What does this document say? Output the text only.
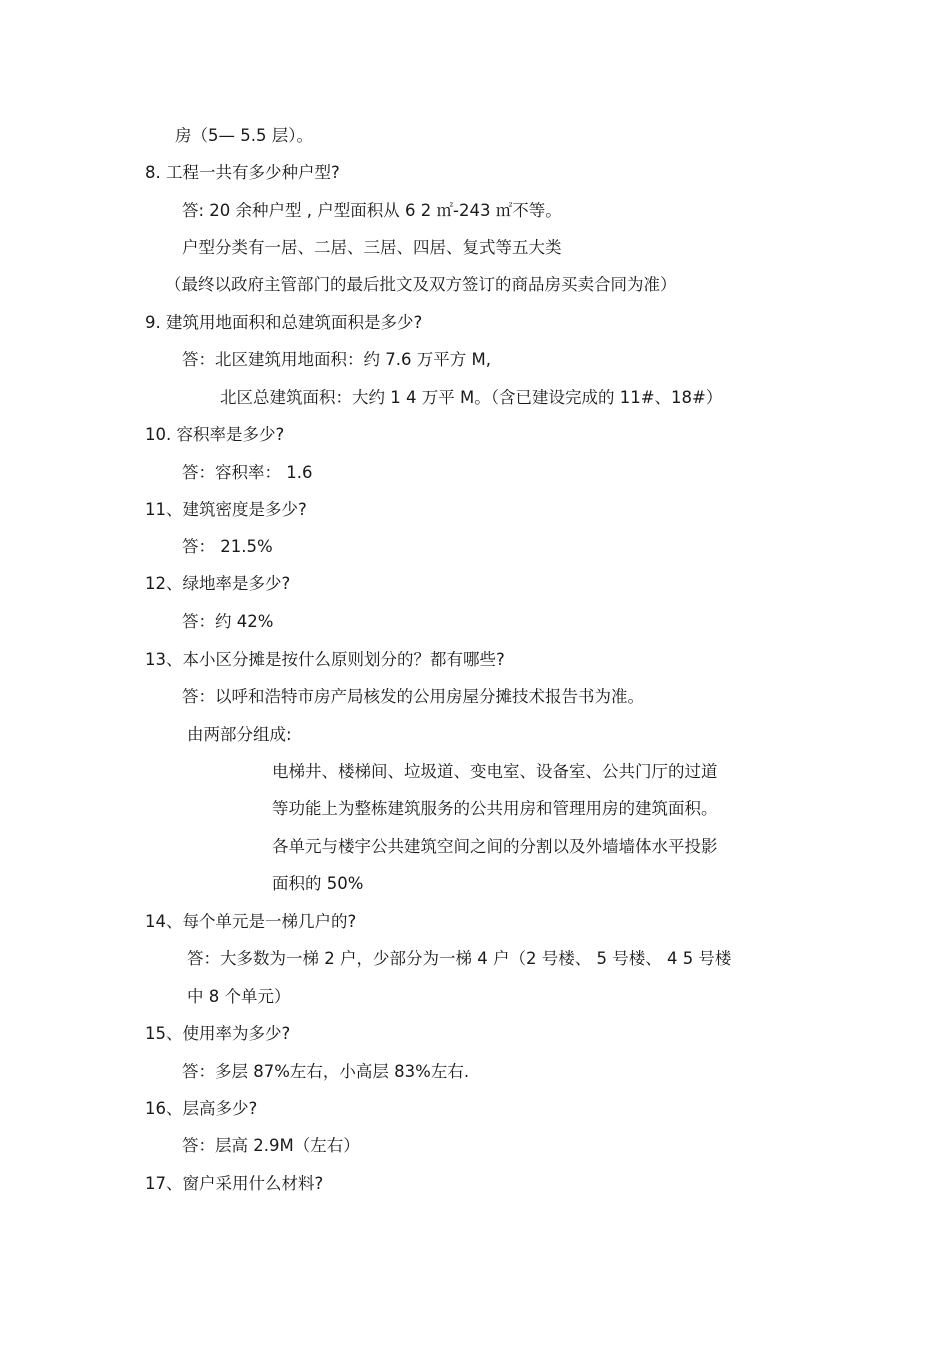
房（5— 5.5 层）。
8. 工程一共有多少种户型?
答: 20 余种户型 , 户型面积从 6 2 ㎡-243 ㎡不等。
户型分类有一居、二居、三居、四居、复式等五大类
（最终以政府主管部门的最后批文及双方签订的商品房买卖合同为准）
9. 建筑用地面积和总建筑面积是多少?
答：北区建筑用地面积：约 7.6 万平方 M,
北区总建筑面积：大约 1 4 万平 M。（含已建设完成的 11#、18#）
10. 容积率是多少?
答：容积率： 1.6
11、建筑密度是多少?
答： 21.5%
12、绿地率是多少?
答：约 42%
13、本小区分摊是按什么原则划分的？都有哪些?
答：以呼和浩特市房产局核发的公用房屋分摊技术报告书为准。
由两部分组成:
电梯井、楼梯间、垃圾道、变电室、设备室、公共门厅的过道
等功能上为整栋建筑服务的公共用房和管理用房的建筑面积。
各单元与楼宇公共建筑空间之间的分割以及外墙墙体水平投影
面积的 50%
14、每个单元是一梯几户的?
答：大多数为一梯 2 户，少部分为一梯 4 户（2 号楼、 5 号楼、 4 5 号楼
中 8 个单元）
15、使用率为多少?
答：多层 87%左右，小高层 83%左右.
16、层高多少?
答：层高 2.9M（左右）
17、窗户采用什么材料?
